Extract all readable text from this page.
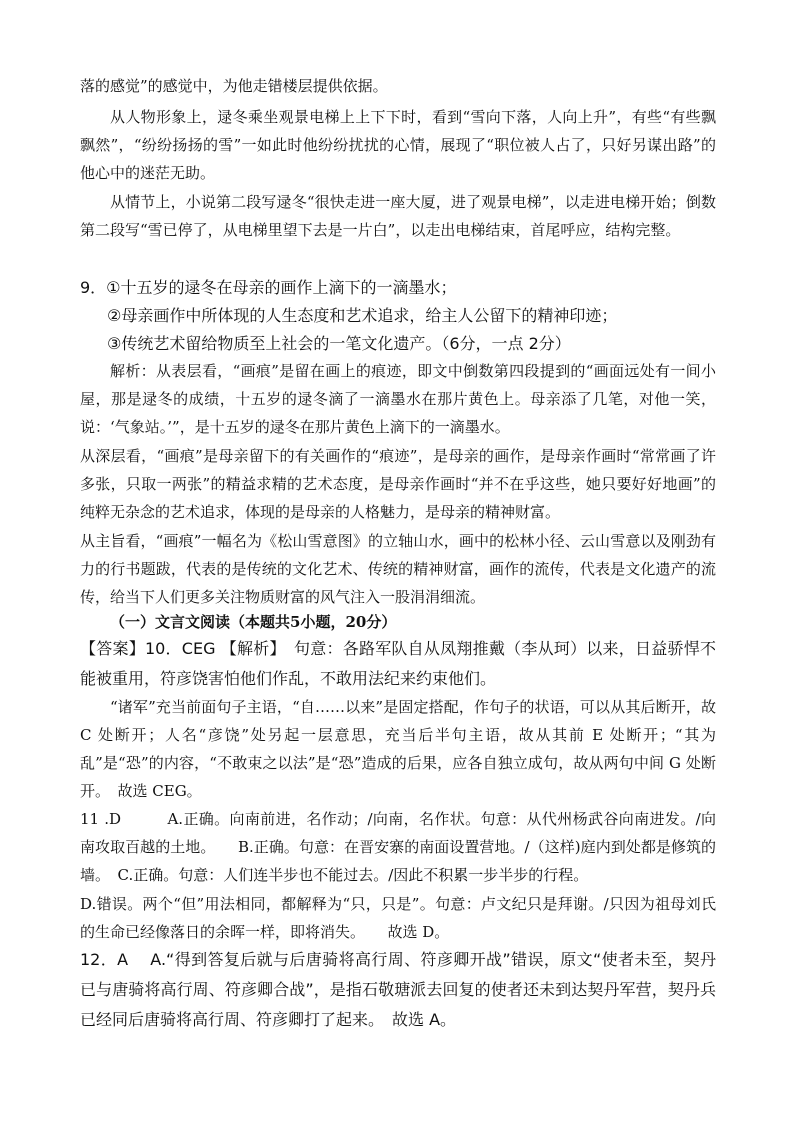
落的感觉”的感觉中，为他走错楼层提供依据。

从人物形象上，逯冬乘坐观景电梯上上下下时，看到“雪向下落，人向上升”，有些“有些飘飘然”，“纷纷扬扬的雪”一如此时他纷纷扰扰的心情，展现了“职位被人占了，只好另谋出路”的他心中的迷茫无助。

从情节上，小说第二段写逯冬“很快走进一座大厦，进了观景电梯”，以走进电梯开始；倒数第二段写“雪已停了，从电梯里望下去是一片白”，以走出电梯结束，首尾呼应，结构完整。

9．①十五岁的逯冬在母亲的画作上滴下的一滴墨水；

②母亲画作中所体现的人生态度和艺术追求，给主人公留下的精神印迹；

③传统艺术留给物质至上社会的一笔文化遗产。（6分，一点 2分）

解析：从表层看，“画痕”是留在画上的痕迹，即文中倒数第四段提到的“画面远处有一间小屋，那是逯冬的成绩，十五岁的逯冬滴了一滴墨水在那片黄色上。母亲添了几笔，对他一笑，说：‘气象站。’”，是十五岁的逯冬在那片黄色上滴下的一滴墨水。

从深层看，“画痕”是母亲留下的有关画作的“痕迹”，是母亲的画作，是母亲作画时“常常画了许多张，只取一两张”的精益求精的艺术态度，是母亲作画时“并不在乎这些，她只要好好地画”的纯粹无杂念的艺术追求，体现的是母亲的人格魅力，是母亲的精神财富。

从主旨看，“画痕”一幅名为《松山雪意图》的立轴山水，画中的松林小径、云山雪意以及刚劲有力的行书题跋，代表的是传统的文化艺术、传统的精神财富，画作的流传，代表是文化遗产的流传，给当下人们更多关注物质财富的风气注入一股涓涓细流。

（一）文言文阅读（本题共5小题，20分）

【答案】10．CEG 【解析】　句意：各路军队自从凤翔推戴（李从珂）以来，日益骄悍不能被重用，符彦饶害怕他们作乱，不敢用法纪来约束他们。

“诸军”充当前面句子主语，“自……以来”是固定搭配，作句子的状语，可以从其后断开，故 C 处断开；人名“彦饶”处另起一层意思，充当后半句主语，故从其前 E 处断开；“其为乱”是“恐”的内容，“不敢束之以法”是“恐”造成的后果，应各自独立成句，故从两句中间 G 处断开。　故选 CEG。

11 .D　　　A.正确。向南前进，名作动；/向南，名作状。句意：从代州杨武谷向南进发。/向南攻取百越的土地。　　B.正确。句意：在晋安寨的南面设置营地。/（这样)庭内到处都是修筑的墙。　C.正确。句意：人们连半步也不能过去。/因此不积累一步半步的行程。

D.错误。两个“但”用法相同，都解释为“只，只是”。句意：卢文纪只是拜谢。/只因为祖母刘氏的生命已经像落日的余晖一样，即将消失。　　故选 D。

12．A　 A.“得到答复后就与后唐骑将高行周、符彦卿开战”错误，原文“使者未至，契丹已与唐骑将高行周、符彦卿合战”，是指石敬瑭派去回复的使者还未到达契丹军营，契丹兵已经同后唐骑将高行周、符彦卿打了起来。　故选 A。
